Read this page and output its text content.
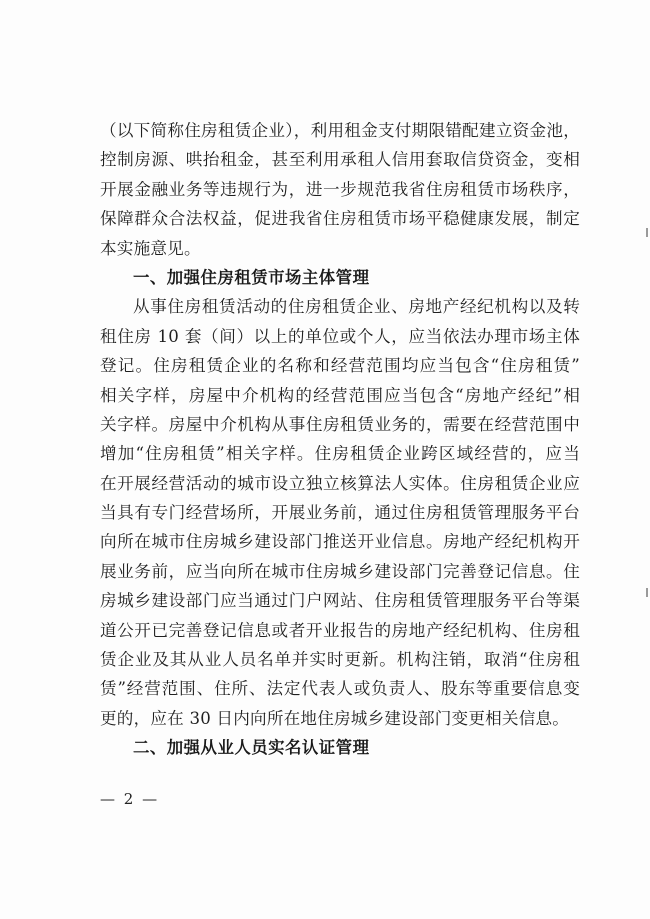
（以下简称住房租赁企业），利用租金支付期限错配建立资金池，
控制房源、哄抬租金，甚至利用承租人信用套取信贷资金，变相
开展金融业务等违规行为，进一步规范我省住房租赁市场秩序，
保障群众合法权益，促进我省住房租赁市场平稳健康发展，制定
本实施意见。
一、加强住房租赁市场主体管理
从事住房租赁活动的住房租赁企业、房地产经纪机构以及转
租住房 10 套（间）以上的单位或个人，应当依法办理市场主体
登记。住房租赁企业的名称和经营范围均应当包含“住房租赁”
相关字样，房屋中介机构的经营范围应当包含“房地产经纪”相
关字样。房屋中介机构从事住房租赁业务的，需要在经营范围中
增加“住房租赁”相关字样。住房租赁企业跨区域经营的，应当
在开展经营活动的城市设立独立核算法人实体。住房租赁企业应
当具有专门经营场所，开展业务前，通过住房租赁管理服务平台
向所在城市住房城乡建设部门推送开业信息。房地产经纪机构开
展业务前，应当向所在城市住房城乡建设部门完善登记信息。住
房城乡建设部门应当通过门户网站、住房租赁管理服务平台等渠
道公开已完善登记信息或者开业报告的房地产经纪机构、住房租
赁企业及其从业人员名单并实时更新。机构注销，取消“住房租
赁”经营范围、住所、法定代表人或负责人、股东等重要信息变
更的，应在 30 日内向所在地住房城乡建设部门变更相关信息。
二、加强从业人员实名认证管理
— 2 —
